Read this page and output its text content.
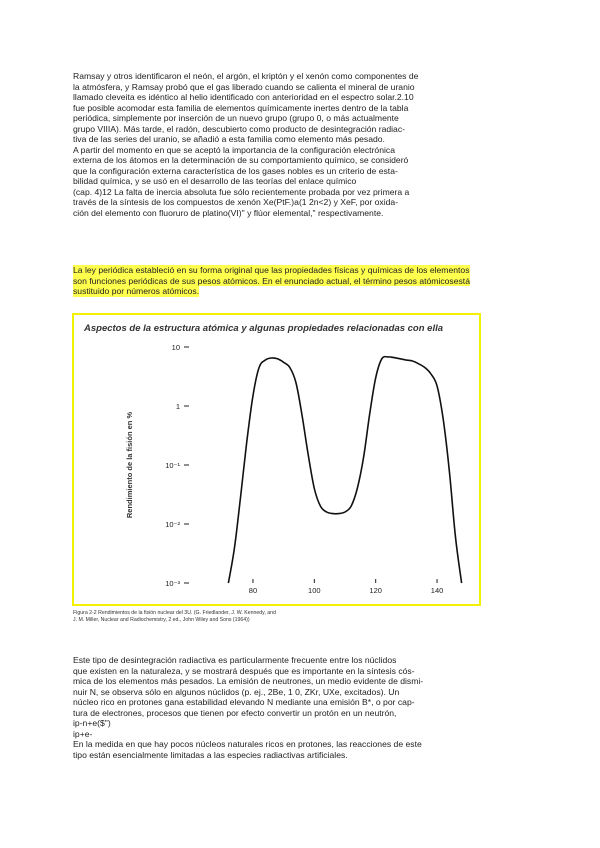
Ramsay y otros identificaron el neón, el argón, el kriptón y el xenón como componentes de
la atmósfera, y Ramsay probó que el gas liberado cuando se calienta el mineral de uranio
llamado cleveita es idéntico al helio identificado con anterioridad en el espectro solar.2.10
fue posible acomodar esta familia de elementos químicamente inertes dentro de la tabla
periódica, simplemente por inserción de un nuevo grupo (grupo 0, o más actualmente
grupo VIIIA). Más tarde, el radón, descubierto como producto de desintegración radiac-
tiva de las series del uranio, se añadió a esta familia como elemento más pesado.
A partir del momento en que se aceptó la importancia de la configuración electrónica
externa de los átomos en la determinación de su comportamiento químico, se consideró
que la configuración externa característica de los gases nobles es un criterio de esta-
bilidad química, y se usó en el desarrollo de las teorías del enlace químico
(cap. 4)12 La falta de inercia absoluta fue sólo recientemente probada por vez primera a
través de la síntesis de los compuestos de xenón Xe(PtF.)a(1 2n<2) y XeF, por oxida-
ción del elemento con fluoruro de platino(VI)" y flúor elemental," respectivamente.
La ley periódica estableció en su forma original que las propiedades físicas y químicas de los elementosson funciones periódicas de sus pesos atómicos. En el enunciado actual, el término pesos atómicosestásustituido por números atómicos.
Aspectos de la estructura atómica y algunas propiedades relacionadas con ella
Rendimiento de la fisión en %
10
1
10⁻¹
10⁻²
10⁻³
80	100	120	140
Figura 2-2 Rendimientos de la fisión nuclear del 3U. (G. Friedlander, J. W. Kennedy, and
J. M. Miller, Nuclear and Radiochemistry, 2 ed., John Wiley and Sons (1964))
Este tipo de desintegración radiactiva es particularmente frecuente entre los núclidos
que existen en la naturaleza, y se mostrará después que es importante en la síntesis cós-
mica de los elementos más pesados. La emisión de neutrones, un medio evidente de dismi-
nuir N, se observa sólo en algunos núclidos (p. ej., 2Be, 1 0, ZKr, UXe, excitados). Un
núcleo rico en protones gana estabilidad elevando N mediante una emisión B*, o por cap-
tura de electrones, procesos que tienen por efecto convertir un protón en un neutrón,
ip-n+e($")
ip+e-
En la medida en que hay pocos núcleos naturales ricos en protones, las reacciones de este
tipo están esencialmente limitadas a las especies radiactivas artificiales.
